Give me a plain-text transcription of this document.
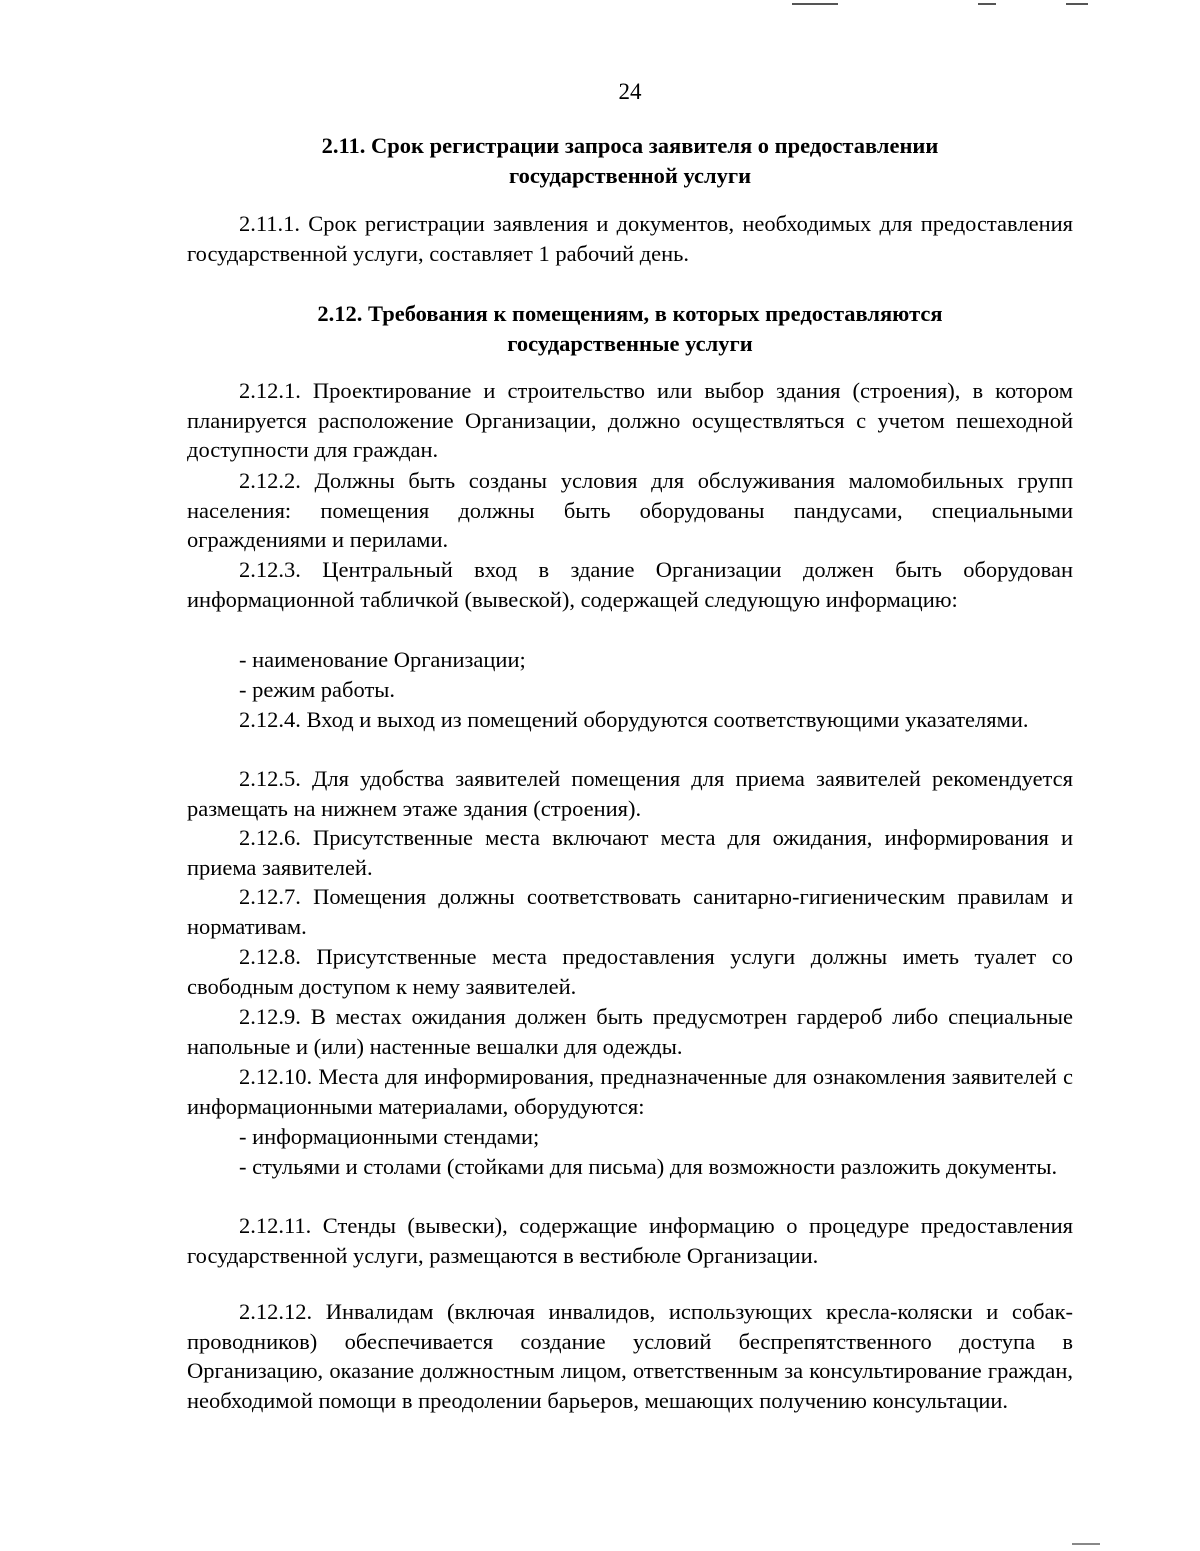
24
2.11. Срок регистрации запроса заявителя о предоставлении
государственной услуги

2.11.1. Срок регистрации заявления и документов, необходимых для предоставления государственной услуги, составляет 1 рабочий день.

2.12. Требования к помещениям, в которых предоставляются
государственные услуги

2.12.1. Проектирование и строительство или выбор здания (строения), в котором планируется расположение Организации, должно осуществляться с учетом пешеходной доступности для граждан.

2.12.2. Должны быть созданы условия для обслуживания маломобильных групп населения: помещения должны быть оборудованы пандусами, специальными ограждениями и перилами.

2.12.3. Центральный вход в здание Организации должен быть оборудован информационной табличкой (вывеской), содержащей следующую информацию:

- наименование Организации;

- режим работы.

2.12.4. Вход и выход из помещений оборудуются соответствующими указателями.

2.12.5. Для удобства заявителей помещения для приема заявителей рекомендуется размещать на нижнем этаже здания (строения).

2.12.6. Присутственные места включают места для ожидания, информирования и приема заявителей.

2.12.7. Помещения должны соответствовать санитарно-гигиеническим правилам и нормативам.

2.12.8. Присутственные места предоставления услуги должны иметь туалет со свободным доступом к нему заявителей.

2.12.9. В местах ожидания должен быть предусмотрен гардероб либо специальные напольные и (или) настенные вешалки для одежды.

2.12.10. Места для информирования, предназначенные для ознакомления заявителей с информационными материалами, оборудуются:

- информационными стендами;

- стульями и столами (стойками для письма) для возможности разложить документы.

2.12.11. Стенды (вывески), содержащие информацию о процедуре предоставления государственной услуги, размещаются в вестибюле Организации.

2.12.12. Инвалидам (включая инвалидов, использующих кресла-коляски и собак-проводников) обеспечивается создание условий беспрепятственного доступа в Организацию, оказание должностным лицом, ответственным за консультирование граждан, необходимой помощи в преодолении барьеров, мешающих получению консультации.
